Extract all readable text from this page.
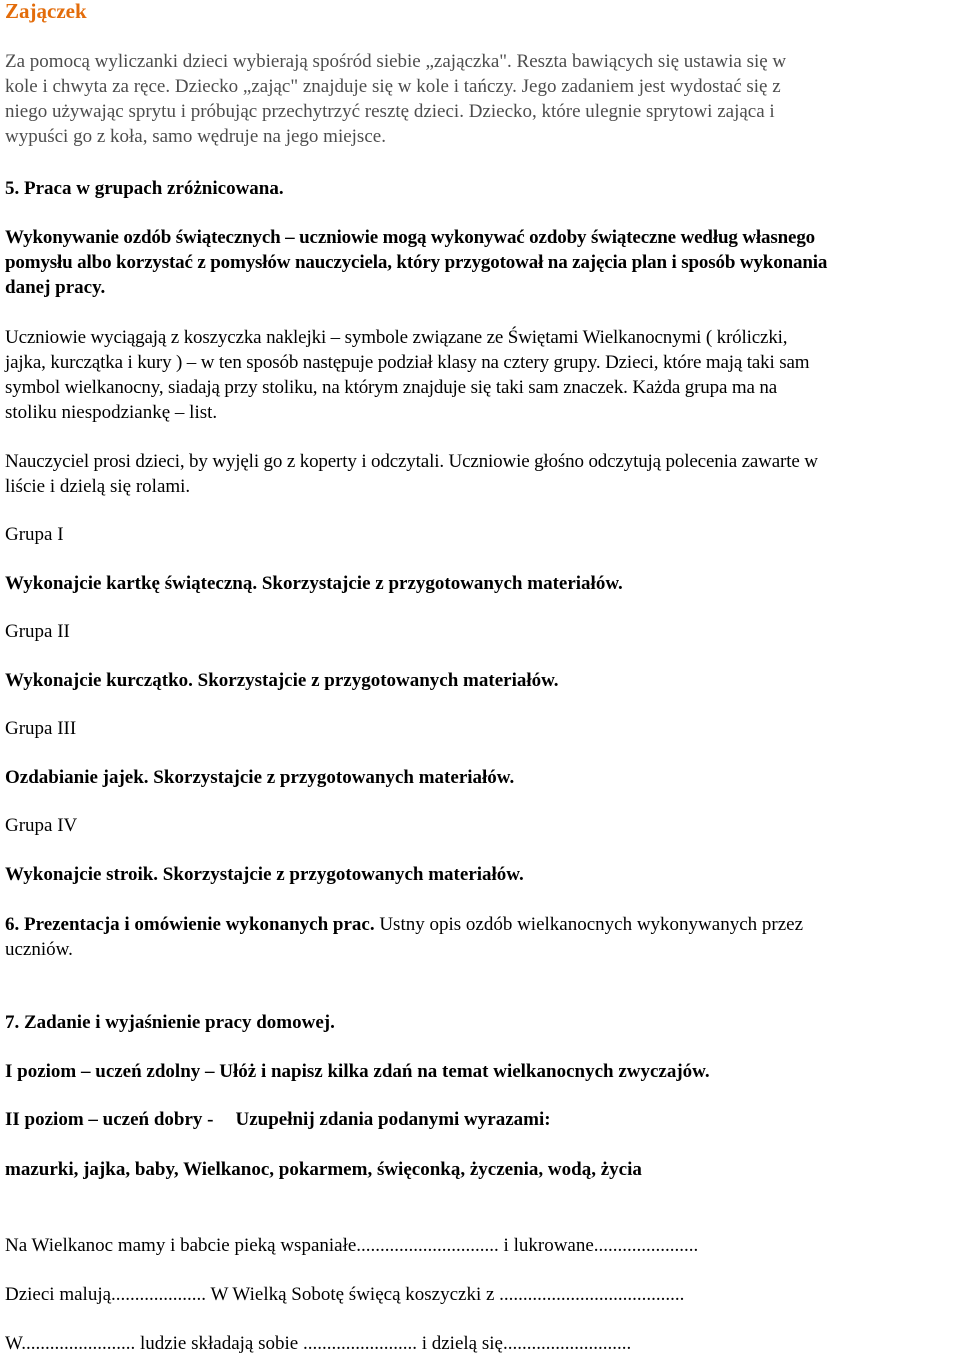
Zajączek
Za pomocą wyliczanki dzieci wybierają spośród siebie „zajączka". Reszta bawiących się ustawia się w
kole i chwyta za ręce. Dziecko „zając" znajduje się w kole i tańczy. Jego zadaniem jest wydostać się z
niego używając sprytu i próbując przechytrzyć resztę dzieci. Dziecko, które ulegnie sprytowi zająca i
wypuści go z koła, samo wędruje na jego miejsce.
5. Praca w grupach zróżnicowana.
Wykonywanie ozdób świątecznych – uczniowie mogą wykonywać ozdoby świąteczne według własnego
pomysłu albo korzystać z pomysłów nauczyciela, który przygotował na zajęcia plan i sposób wykonania
danej pracy.
Uczniowie wyciągają z koszyczka naklejki – symbole związane ze Świętami Wielkanocnymi ( króliczki,
jajka, kurczątka i kury ) – w ten sposób następuje podział klasy na cztery grupy. Dzieci, które mają taki sam
symbol wielkanocny, siadają przy stoliku, na którym znajduje się taki sam znaczek. Każda grupa ma na
stoliku niespodziankę – list.
Nauczyciel prosi dzieci, by wyjęli go z koperty i odczytali. Uczniowie głośno odczytują polecenia zawarte w
liście i dzielą się rolami.
Grupa I
Wykonajcie kartkę świąteczną. Skorzystajcie z przygotowanych materiałów.
Grupa II
Wykonajcie kurczątko. Skorzystajcie z przygotowanych materiałów.
Grupa III
Ozdabianie jajek. Skorzystajcie z przygotowanych materiałów.
Grupa IV
Wykonajcie stroik. Skorzystajcie z przygotowanych materiałów.
6. Prezentacja i omówienie wykonanych prac. Ustny opis ozdób wielkanocnych wykonywanych przez
uczniów.
7. Zadanie i wyjaśnienie pracy domowej.
I poziom – uczeń zdolny – Ułóż i napisz kilka zdań na temat wielkanocnych zwyczajów.
II poziom – uczeń dobry - Uzupełnij zdania podanymi wyrazami:
mazurki, jajka, baby, Wielkanoc, pokarmem, święconką, życzenia, wodą, życia
Na Wielkanoc mamy i babcie pieką wspaniałe.............................. i lukrowane......................
Dzieci malują.................... W Wielką Sobotę święcą koszyczki z .......................................
W........................ ludzie składają sobie ........................ i dzielą się...........................
